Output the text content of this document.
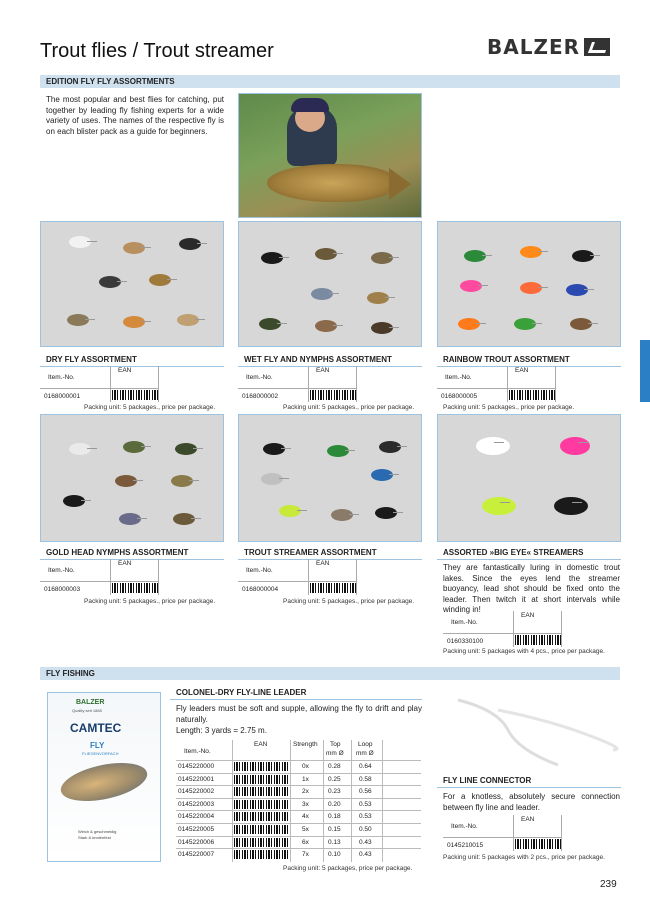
Trout flies / Trout streamer	BALZER
EDITION FLY FLY ASSORTMENTS
The most popular and best flies for catching, put together by leading fly fishing experts for a wide variety of uses. The names of the respective fly is on each blister pack as a guide for beginners.
DRY FLY ASSORTMENT
Item.-No.
EAN
0168000001
Packing unit: 5 packages., price per package.
WET FLY AND NYMPHS ASSORTMENT
Item.-No.
EAN
0168000002
Packing unit: 5 packages., price per package.
RAINBOW TROUT ASSORTMENT
Item.-No.
EAN
0168000005
Packing unit: 5 packages., price per package.
GOLD HEAD NYMPHS ASSORTMENT
Item.-No.
EAN
0168000003
Packing unit: 5 packages., price per package.
TROUT STREAMER ASSORTMENT
Item.-No.
EAN
0168000004
Packing unit: 5 packages., price per package.
ASSORTED »BIG EYE« STREAMERS
They are fantastically luring in domestic trout lakes. Since the eyes lend the streamer buoyancy, lead shot should be fixed onto the leader. Then twitch it at short intervals while winding in!
Item.-No.
EAN
0160330100
Packing unit: 5 packages with 4 pcs., price per package.
FLY FISHING
BALZER
Quality seit 1885
CAMTEC
FLY
FLIEGENVORFACH
Weich & geschmeidig
Stark & knotenfest
COLONEL-DRY FLY-LINE LEADER
Fly leaders must be soft and supple, allowing the fly to drift and play naturally.
Length: 3 yards = 2.75 m.
Item.-No.
EAN	Strength Top
mm Ø
Loop
mm Ø
0145220000	0x	0.28	0.64
0145220001	1x	0.25	0.58
0145220002	2x	0.23	0.56
0145220003	3x	0.20	0.53
0145220004	4x	0.18	0.53
0145220005	5x	0.15	0.50
0145220006	6x	0.13	0.43
0145220007	7x	0.10	0.43
Packing unit: 5 packages, price per package.
FLY LINE CONNECTOR
For a knotless, absolutely secure connection between fly line and leader.
Item.-No.
EAN
0145210015
Packing unit: 5 packages with 2 pcs., price per package.
239
